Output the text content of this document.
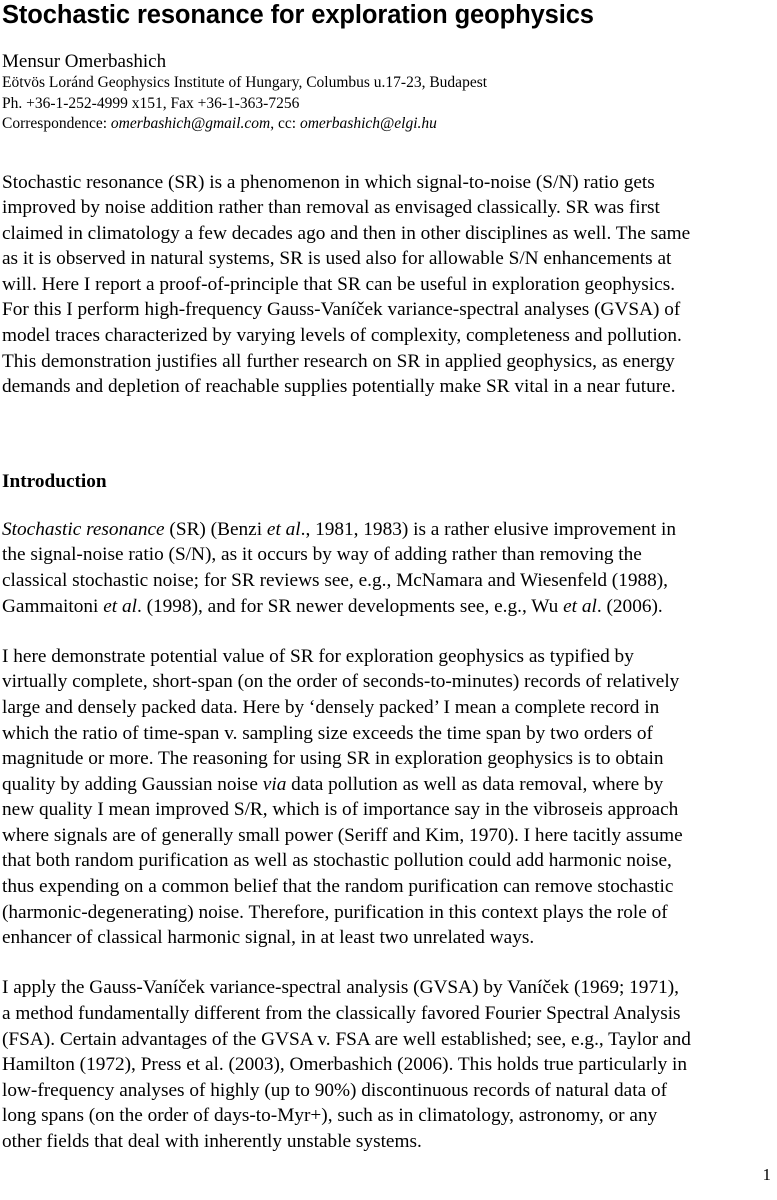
Stochastic resonance for exploration geophysics
Mensur Omerbashich
Eötvös Loránd Geophysics Institute of Hungary, Columbus u.17-23, Budapest
Ph. +36-1-252-4999 x151, Fax +36-1-363-7256
Correspondence: omerbashich@gmail.com, cc: omerbashich@elgi.hu
Stochastic resonance (SR) is a phenomenon in which signal-to-noise (S/N) ratio gets
improved by noise addition rather than removal as envisaged classically. SR was first
claimed in climatology a few decades ago and then in other disciplines as well. The same
as it is observed in natural systems, SR is used also for allowable S/N enhancements at
will. Here I report a proof-of-principle that SR can be useful in exploration geophysics.
For this I perform high-frequency Gauss-Vaníček variance-spectral analyses (GVSA) of
model traces characterized by varying levels of complexity, completeness and pollution.
This demonstration justifies all further research on SR in applied geophysics, as energy
demands and depletion of reachable supplies potentially make SR vital in a near future.
Introduction
Stochastic resonance (SR) (Benzi et al., 1981, 1983) is a rather elusive improvement in
the signal-noise ratio (S/N), as it occurs by way of adding rather than removing the
classical stochastic noise; for SR reviews see, e.g., McNamara and Wiesenfeld (1988),
Gammaitoni et al. (1998), and for SR newer developments see, e.g., Wu et al. (2006).
I here demonstrate potential value of SR for exploration geophysics as typified by
virtually complete, short-span (on the order of seconds-to-minutes) records of relatively
large and densely packed data. Here by ‘densely packed’ I mean a complete record in
which the ratio of time-span v. sampling size exceeds the time span by two orders of
magnitude or more. The reasoning for using SR in exploration geophysics is to obtain
quality by adding Gaussian noise via data pollution as well as data removal, where by
new quality I mean improved S/R, which is of importance say in the vibroseis approach
where signals are of generally small power (Seriff and Kim, 1970). I here tacitly assume
that both random purification as well as stochastic pollution could add harmonic noise,
thus expending on a common belief that the random purification can remove stochastic
(harmonic-degenerating) noise. Therefore, purification in this context plays the role of
enhancer of classical harmonic signal, in at least two unrelated ways.
I apply the Gauss-Vaníček variance-spectral analysis (GVSA) by Vaníček (1969; 1971),
a method fundamentally different from the classically favored Fourier Spectral Analysis
(FSA). Certain advantages of the GVSA v. FSA are well established; see, e.g., Taylor and
Hamilton (1972), Press et al. (2003), Omerbashich (2006). This holds true particularly in
low-frequency analyses of highly (up to 90%) discontinuous records of natural data of
long spans (on the order of days-to-Myr+), such as in climatology, astronomy, or any
other fields that deal with inherently unstable systems.
1
